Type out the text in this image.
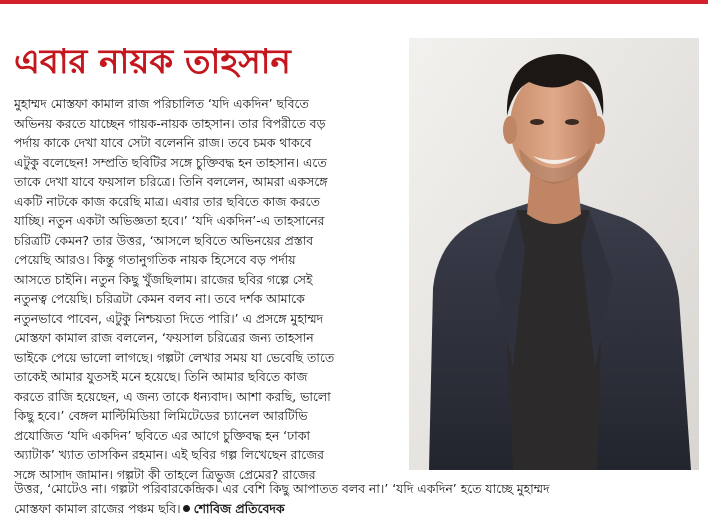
এবার নায়ক তাহসান
মুহাম্মদ মোস্তফা কামাল রাজ পরিচালিত ‘যদি একদিন’ ছবিতে
অভিনয় করতে যাচ্ছেন গায়ক-নায়ক তাহসান। তার বিপরীতে বড়
পর্দায় কাকে দেখা যাবে সেটা বলেননি রাজ। তবে চমক থাকবে
এটুকু বলেছেন! সম্প্রতি ছবিটির সঙ্গে চুক্তিবদ্ধ হন তাহসান। এতে
তাকে দেখা যাবে ফয়সাল চরিত্রে। তিনি বললেন, আমরা একসঙ্গে
একটি নাটকে কাজ করেছি মাত্র। এবার তার ছবিতে কাজ করতে
যাচ্ছি। নতুন একটা অভিজ্ঞতা হবে।’ ‘যদি একদিন’-এ তাহসানের
চরিত্রটি কেমন? তার উত্তর, ‘আসলে ছবিতে অভিনয়ের প্রস্তাব
পেয়েছি আরও। কিন্তু গতানুগতিক নায়ক হিসেবে বড় পর্দায়
আসতে চাইনি। নতুন কিছু খুঁজছিলাম। রাজের ছবির গল্পে সেই
নতুনত্ব পেয়েছি। চরিত্রটা কেমন বলব না। তবে দর্শক আমাকে
নতুনভাবে পাবেন, এটুকু নিশ্চয়তা দিতে পারি।’ এ প্রসঙ্গে মুহাম্মদ
মোস্তফা কামাল রাজ বললেন, ‘ফয়সাল চরিত্রের জন্য তাহসান
ভাইকে পেয়ে ভালো লাগছে। গল্পটা লেখার সময় যা ভেবেছি তাতে
তাকেই আমার যুতসই মনে হয়েছে। তিনি আমার ছবিতে কাজ
করতে রাজি হয়েছেন, এ জন্য তাকে ধন্যবাদ। আশা করছি, ভালো
কিছু হবে।’ বেঙ্গল মাল্টিমিডিয়া লিমিটেডের চ্যানেল আরটিভি
প্রযোজিত ‘যদি একদিন’ ছবিতে এর আগে চুক্তিবদ্ধ হন ‘ঢাকা
অ্যাটাক’ খ্যাত তাসকিন রহমান। এই ছবির গল্প লিখেছেন রাজের
সঙ্গে আসাদ জামান। গল্পটা কী তাহলে ত্রিভুজ প্রেমের? রাজের
উত্তর, ‘মোটেও না। গল্পটা পরিবারকেন্দ্রিক। এর বেশি কিছু আপাতত বলব না।’ ‘যদি একদিন’ হতে যাচ্ছে মুহাম্মদ
মোস্তফা কামাল রাজের পঞ্চম ছবি। শোবিজ প্রতিবেদক
